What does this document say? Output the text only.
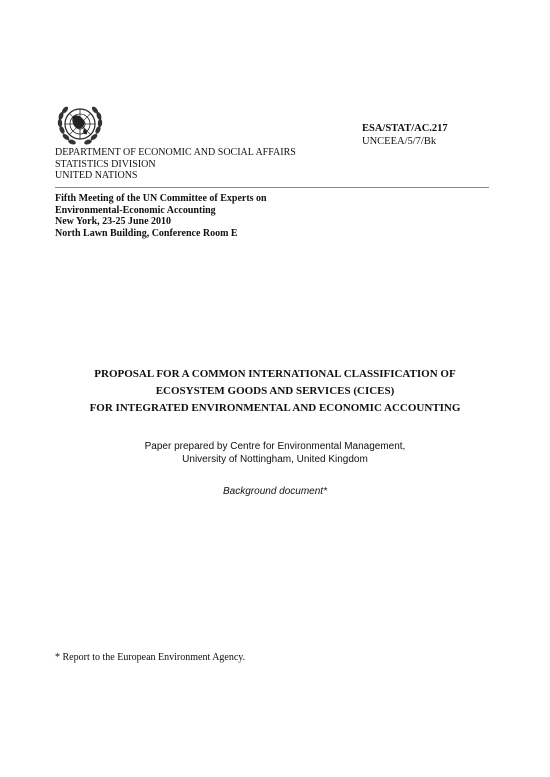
ESA/STAT/AC.217
UNCEEA/5/7/Bk
DEPARTMENT OF ECONOMIC AND SOCIAL AFFAIRS
STATISTICS DIVISION
UNITED NATIONS
Fifth Meeting of the UN Committee of Experts on
Environmental-Economic Accounting
New York, 23-25 June 2010
North Lawn Building, Conference Room E
PROPOSAL FOR A COMMON INTERNATIONAL CLASSIFICATION OF
ECOSYSTEM GOODS AND SERVICES (CICES)
FOR INTEGRATED ENVIRONMENTAL AND ECONOMIC ACCOUNTING
Paper prepared by Centre for Environmental Management,
University of Nottingham, United Kingdom
Background document*
* Report to the European Environment Agency.
